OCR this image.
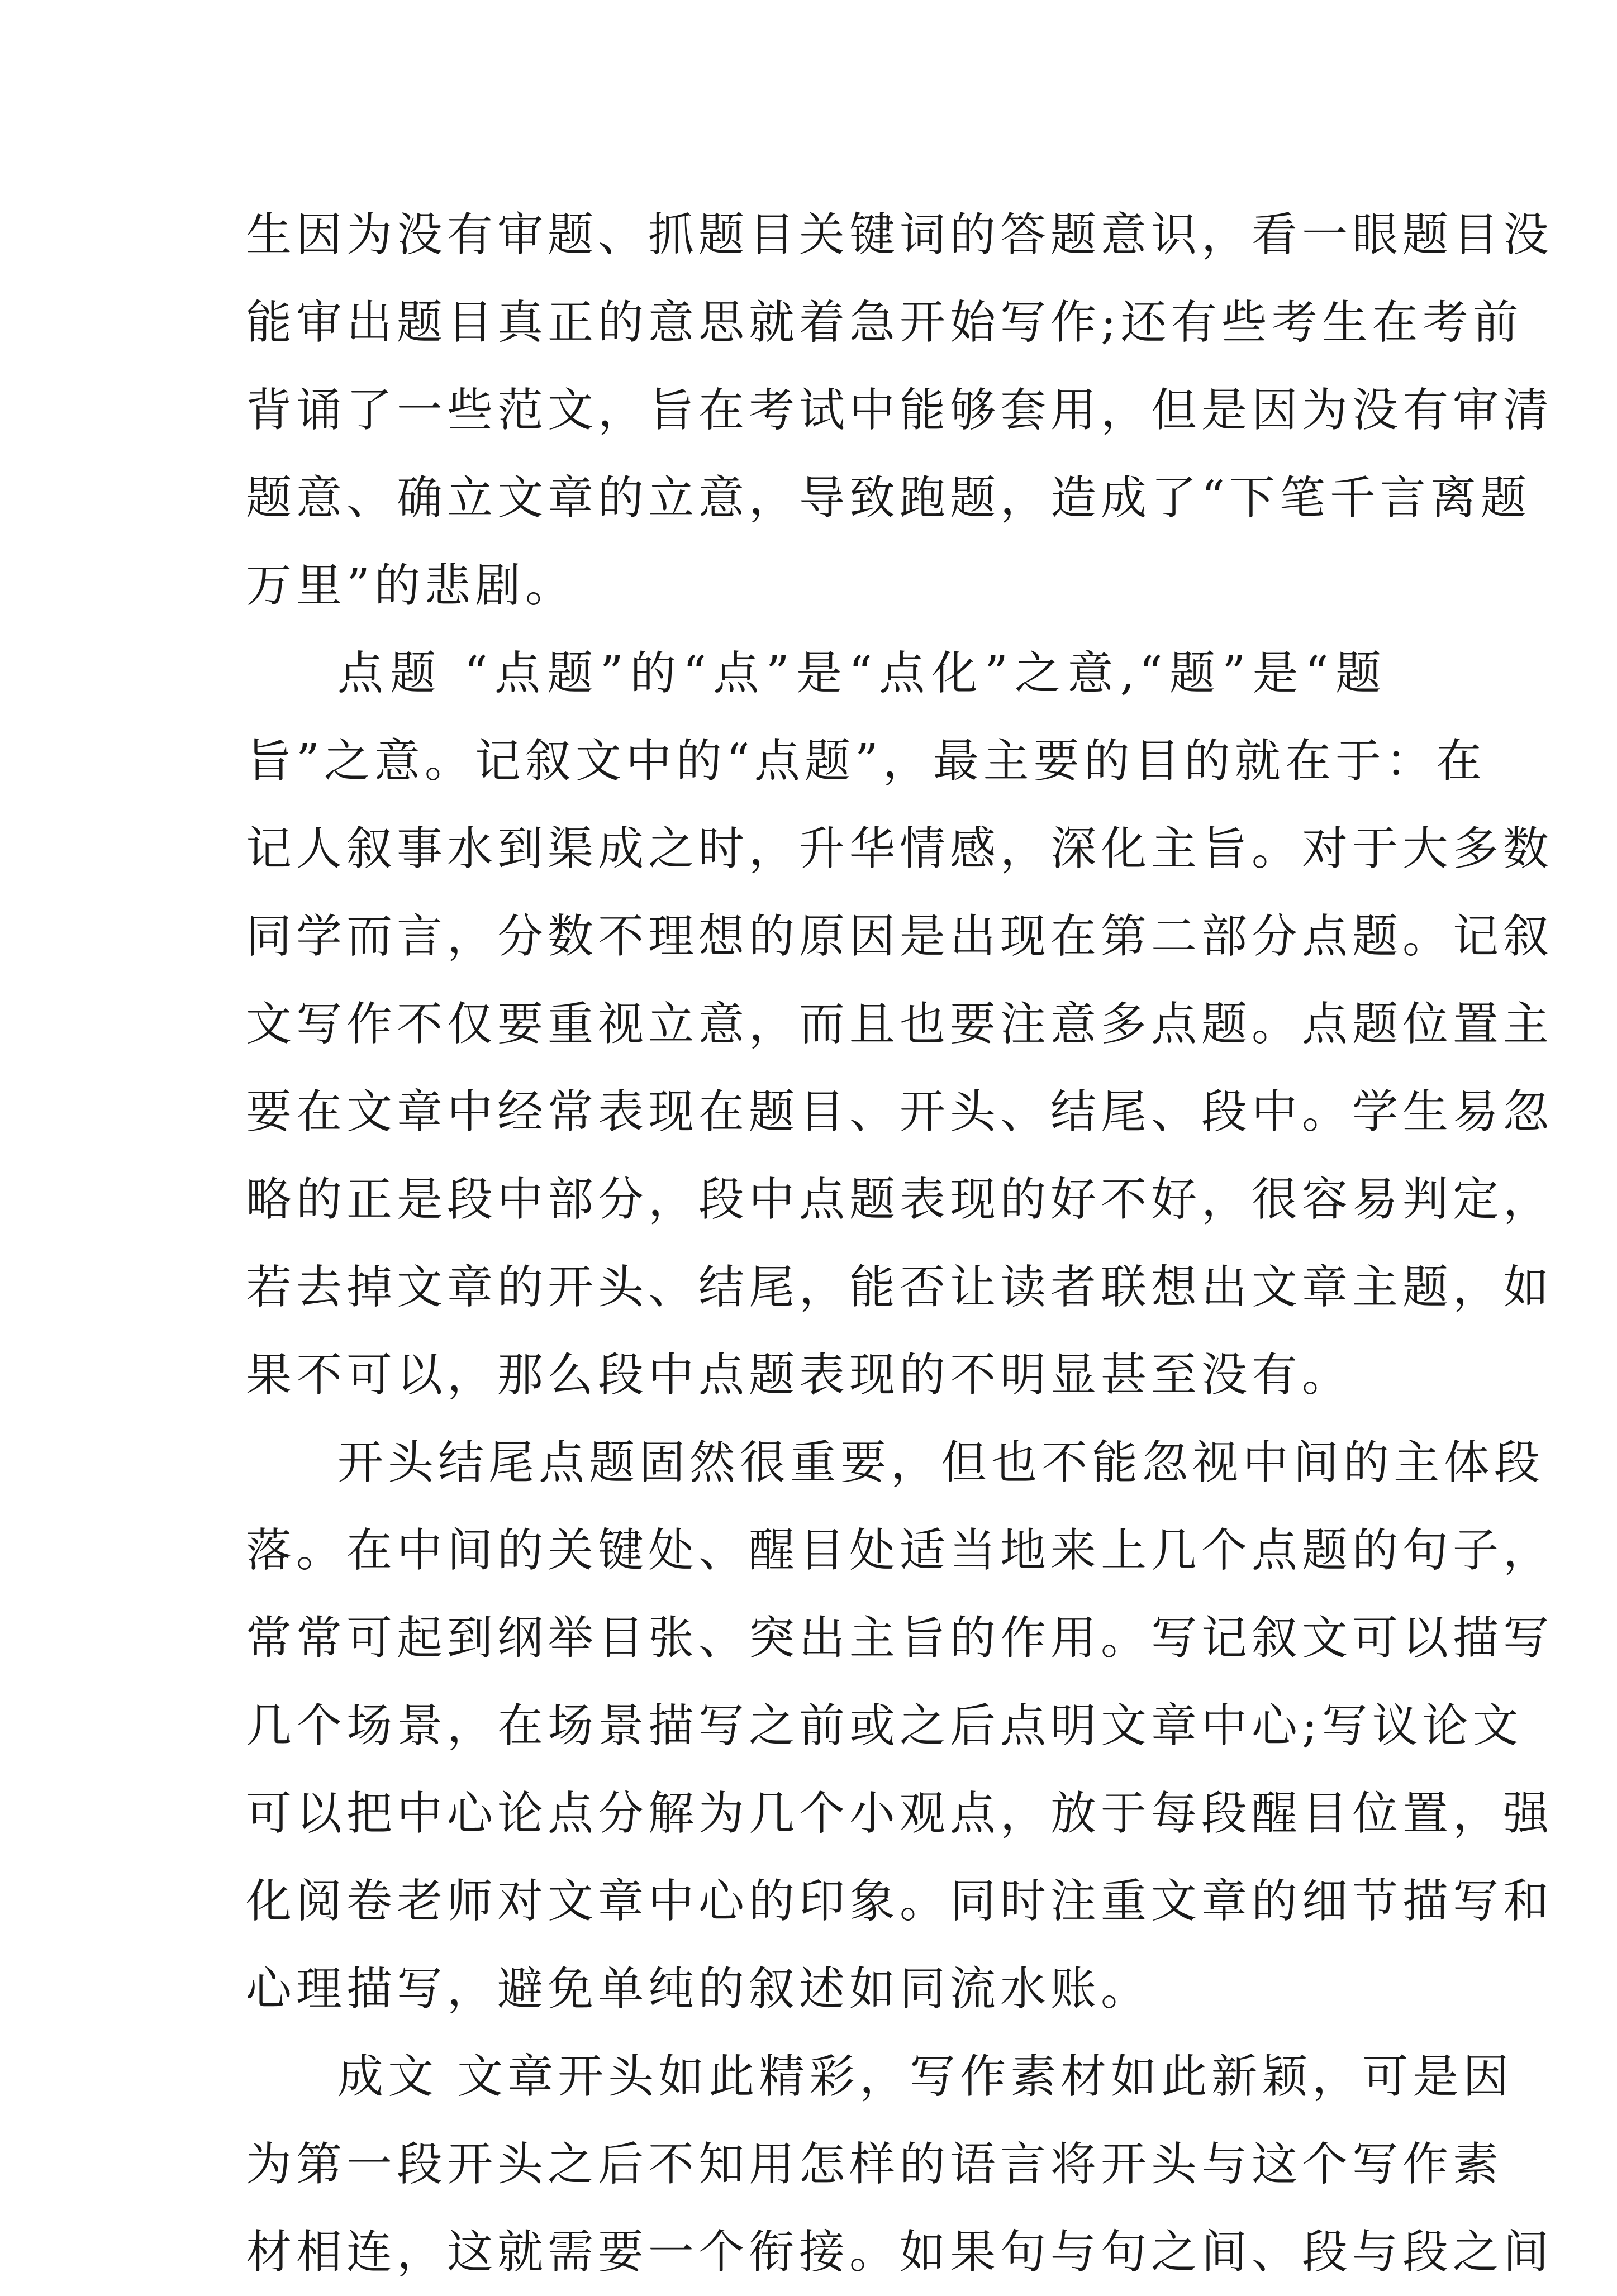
生因为没有审题、抓题目关键词的答题意识，看一眼题目没
能审出题目真正的意思就着急开始写作;还有些考生在考前
背诵了一些范文，旨在考试中能够套用，但是因为没有审清
题意、确立文章的立意，导致跑题，造成了“下笔千言离题
万里”的悲剧。
点题 “点题”的“点”是“点化”之意,“题”是“题
旨”之意。记叙文中的“点题”，最主要的目的就在于：在
记人叙事水到渠成之时，升华情感，深化主旨。对于大多数
同学而言，分数不理想的原因是出现在第二部分点题。记叙
文写作不仅要重视立意，而且也要注意多点题。点题位置主
要在文章中经常表现在题目、开头、结尾、段中。学生易忽
略的正是段中部分，段中点题表现的好不好，很容易判定，
若去掉文章的开头、结尾，能否让读者联想出文章主题，如
果不可以，那么段中点题表现的不明显甚至没有。
开头结尾点题固然很重要，但也不能忽视中间的主体段
落。在中间的关键处、醒目处适当地来上几个点题的句子，
常常可起到纲举目张、突出主旨的作用。写记叙文可以描写
几个场景，在场景描写之前或之后点明文章中心;写议论文
可以把中心论点分解为几个小观点，放于每段醒目位置，强
化阅卷老师对文章中心的印象。同时注重文章的细节描写和
心理描写，避免单纯的叙述如同流水账。
成文 文章开头如此精彩，写作素材如此新颖，可是因
为第一段开头之后不知用怎样的语言将开头与这个写作素
材相连，这就需要一个衔接。如果句与句之间、段与段之间
